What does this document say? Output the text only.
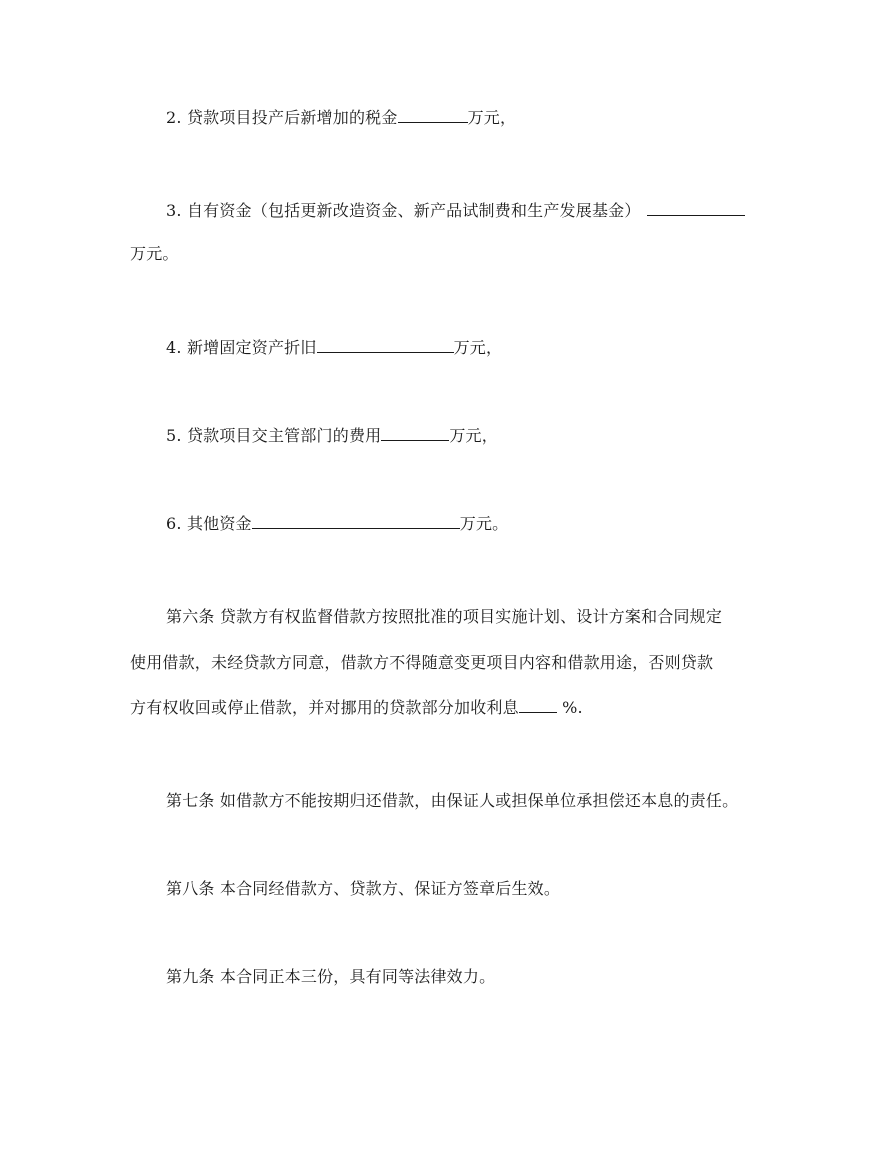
2. 贷款项目投产后新增加的税金	万元，
3. 自有资金（包括更新改造资金、新产品试制费和生产发展基金）
万元。
4. 新增固定资产折旧	万元，
5. 贷款项目交主管部门的费用	万元，
6. 其他资金	万元。
第六条 贷款方有权监督借款方按照批准的项目实施计划、设计方案和合同规定
使用借款，未经贷款方同意，借款方不得随意变更项目内容和借款用途，否则贷款
方有权收回或停止借款，并对挪用的贷款部分加收利息 %.
第七条 如借款方不能按期归还借款，由保证人或担保单位承担偿还本息的责任。
第八条 本合同经借款方、贷款方、保证方签章后生效。
第九条 本合同正本三份，具有同等法律效力。
